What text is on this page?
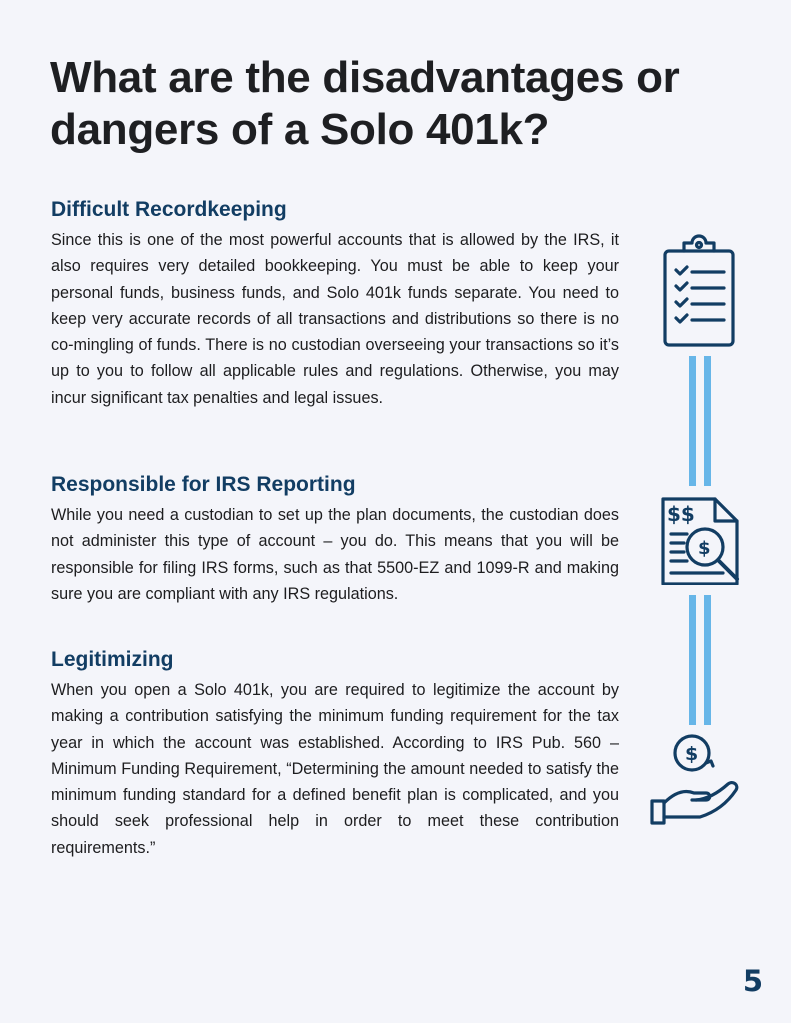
What are the disadvantages or dangers of a Solo 401k?
Difficult Recordkeeping

Since this is one of the most powerful accounts that is allowed by the IRS, it also requires very detailed bookkeeping. You must be able to keep your personal funds, business funds, and Solo 401k funds separate. You need to keep very accurate records of all transactions and distributions so there is no co-mingling of funds. There is no custodian overseeing your transactions so it’s up to you to follow all applicable rules and regulations. Otherwise, you may incur significant tax penalties and legal issues.

Responsible for IRS Reporting

While you need a custodian to set up the plan documents, the custodian does not administer this type of account – you do. This means that you will be responsible for filing IRS forms, such as that 5500-EZ and 1099-R and making sure you are compliant with any IRS regulations.

Legitimizing

When you open a Solo 401k, you are required to legitimize the account by making a contribution satisfying the minimum funding requirement for the tax year in which the account was established. According to IRS Pub. 560 – Minimum Funding Requirement, “Determining the amount needed to satisfy the minimum funding standard for a defined benefit plan is complicated, and you should seek professional help in order to meet these contribution requirements.”

$$
$
$
5
